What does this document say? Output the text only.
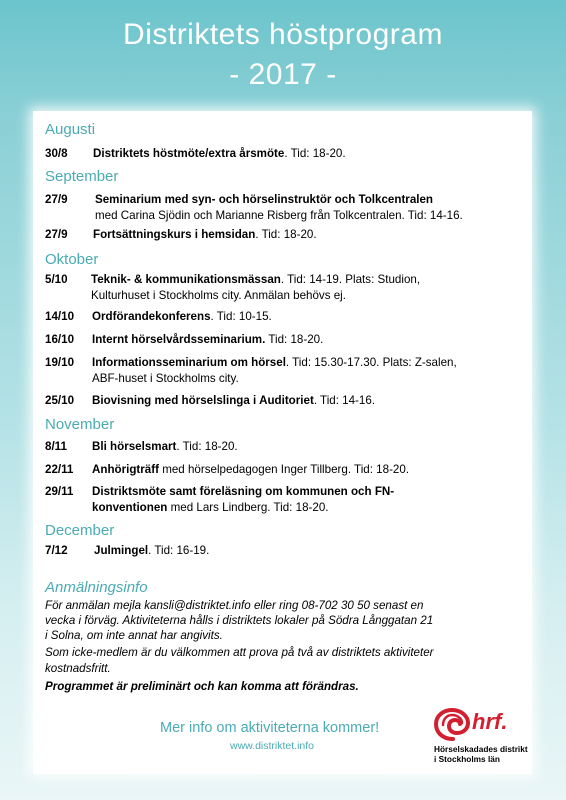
Distriktets höstprogram
- 2017 -
Augusti
30/8 Distriktets höstmöte/extra årsmöte. Tid: 18-20.
September
27/9 Seminarium med syn- och hörselinstruktör och Tolkcentralen
med Carina Sjödin och Marianne Risberg från Tolkcentralen. Tid: 14-16.
27/9 Fortsättningskurs i hemsidan. Tid: 18-20.
Oktober
5/10 Teknik- & kommunikationsmässan. Tid: 14-19. Plats: Studion,
Kulturhuset i Stockholms city. Anmälan behövs ej.
14/10 Ordförandekonferens. Tid: 10-15.
16/10 Internt hörselvårdsseminarium. Tid: 18-20.
19/10 Informationsseminarium om hörsel. Tid: 15.30-17.30. Plats: Z-salen,
ABF-huset i Stockholms city.
25/10 Biovisning med hörselslinga i Auditoriet. Tid: 14-16.
November
8/11 Bli hörselsmart. Tid: 18-20.
22/11 Anhörigträff med hörselpedagogen Inger Tillberg. Tid: 18-20.
29/11 Distriktsmöte samt föreläsning om kommunen och FN-
konventionen med Lars Lindberg. Tid: 18-20.
December
7/12 Julmingel. Tid: 16-19.
Anmälningsinfo
För anmälan mejla kansli@distriktet.info eller ring 08-702 30 50 senast en
vecka i förväg. Aktiviteterna hålls i distriktets lokaler på Södra Långgatan 21
i Solna, om inte annat har angivits.
Som icke-medlem är du välkommen att prova på två av distriktets aktiviteter
kostnadsfritt.
Programmet är preliminärt och kan komma att förändras.
Mer info om aktiviteterna kommer!
www.distriktet.info
hrf.
Hörselskadades distrikt
i Stockholms län
